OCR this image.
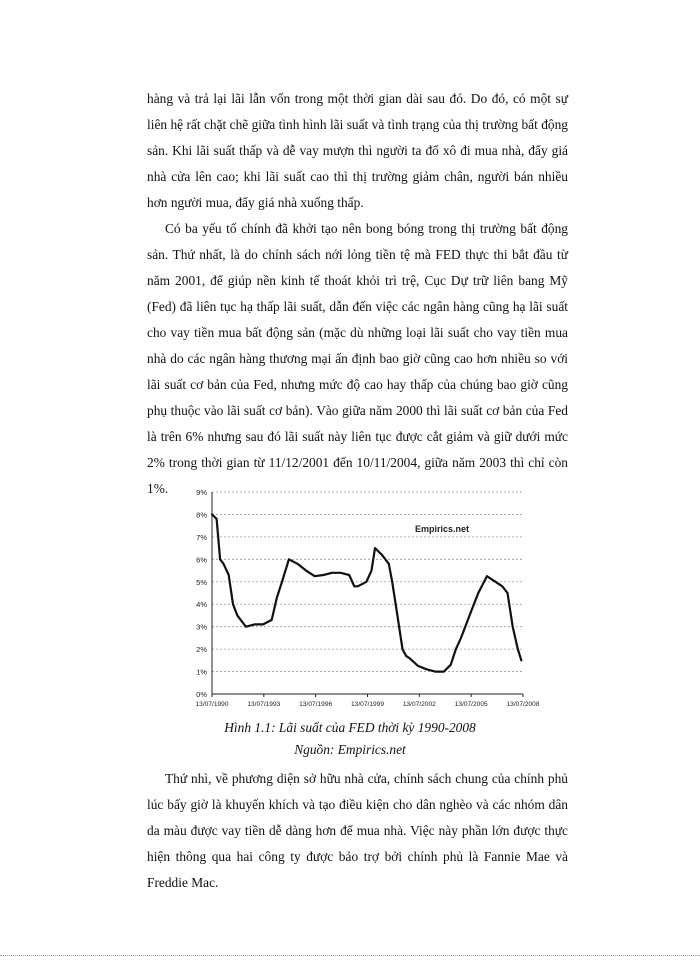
hàng và trả lại lãi lẫn vốn trong một thời gian dài sau đó. Do đó, có một sự liên hệ rất chặt chẽ giữa tình hình lãi suất và tình trạng của thị trường bất động sản. Khi lãi suất thấp và dễ vay mượn thì người ta đổ xô đi mua nhà, đẩy giá nhà cửa lên cao; khi lãi suất cao thì thị trường giảm chân, người bán nhiều hơn người mua, đẩy giá nhà xuống thấp.

Có ba yếu tố chính đã khởi tạo nên bong bóng trong thị trường bất động sản. Thứ nhất, là do chính sách nới lỏng tiền tệ mà FED thực thi bắt đầu từ năm 2001, để giúp nền kinh tế thoát khỏi trì trệ, Cục Dự trữ liên bang Mỹ (Fed) đã liên tục hạ thấp lãi suất, dẫn đến việc các ngân hàng cũng hạ lãi suất cho vay tiền mua bất động sản (mặc dù những loại lãi suất cho vay tiền mua nhà do các ngân hàng thương mại ấn định bao giờ cũng cao hơn nhiều so với lãi suất cơ bản của Fed, nhưng mức độ cao hay thấp của chúng bao giờ cũng phụ thuộc vào lãi suất cơ bản). Vào giữa năm 2000 thì lãi suất cơ bản của Fed là trên 6% nhưng sau đó lãi suất này liên tục được cắt giảm và giữ dưới mức 2% trong thời gian từ 11/12/2001 đến 10/11/2004, giữa năm 2003 thì chỉ còn 1%.

0%
1%
2%
3%
4%
5%
6%
7%
8%
9%
13/07/1990	13/07/1993	13/07/1996	13/07/1999	13/07/2002	13/07/2005	13/07/2008
Empirics.net
Hình 1.1: Lãi suất của FED thời kỳ 1990-2008
Nguồn: Empirics.net

Thứ nhì, về phương diện sở hữu nhà cửa, chính sách chung của chính phủ lúc bấy giờ là khuyến khích và tạo điều kiện cho dân nghèo và các nhóm dân da màu được vay tiền dễ dàng hơn để mua nhà. Việc này phần lớn được thực hiện thông qua hai công ty được bảo trợ bởi chính phủ là Fannie Mae và Freddie Mac.
